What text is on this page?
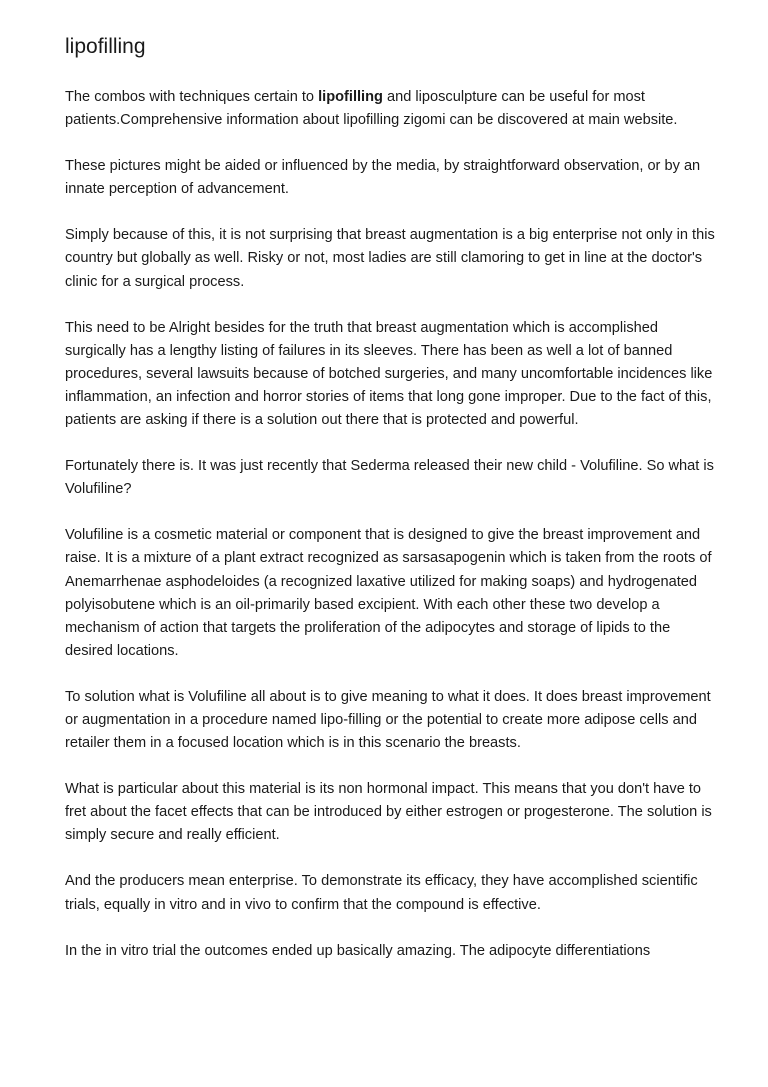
lipofilling

The combos with techniques certain to lipofilling and liposculpture can be useful for most patients.Comprehensive information about lipofilling zigomi can be discovered at main website.

These pictures might be aided or influenced by the media, by straightforward observation, or by an innate perception of advancement.

Simply because of this, it is not surprising that breast augmentation is a big enterprise not only in this country but globally as well. Risky or not, most ladies are still clamoring to get in line at the doctor's clinic for a surgical process.

This need to be Alright besides for the truth that breast augmentation which is accomplished surgically has a lengthy listing of failures in its sleeves. There has been as well a lot of banned procedures, several lawsuits because of botched surgeries, and many uncomfortable incidences like inflammation, an infection and horror stories of items that long gone improper. Due to the fact of this, patients are asking if there is a solution out there that is protected and powerful.

Fortunately there is. It was just recently that Sederma released their new child - Volufiline. So what is Volufiline?

Volufiline is a cosmetic material or component that is designed to give the breast improvement and raise. It is a mixture of a plant extract recognized as sarsasapogenin which is taken from the roots of Anemarrhenae asphodeloides (a recognized laxative utilized for making soaps) and hydrogenated polyisobutene which is an oil-primarily based excipient. With each other these two develop a mechanism of action that targets the proliferation of the adipocytes and storage of lipids to the desired locations.

To solution what is Volufiline all about is to give meaning to what it does. It does breast improvement or augmentation in a procedure named lipo-filling or the potential to create more adipose cells and retailer them in a focused location which is in this scenario the breasts.

What is particular about this material is its non hormonal impact. This means that you don't have to fret about the facet effects that can be introduced by either estrogen or progesterone. The solution is simply secure and really efficient.

And the producers mean enterprise. To demonstrate its efficacy, they have accomplished scientific trials, equally in vitro and in vivo to confirm that the compound is effective.

In the in vitro trial the outcomes ended up basically amazing. The adipocyte differentiations
